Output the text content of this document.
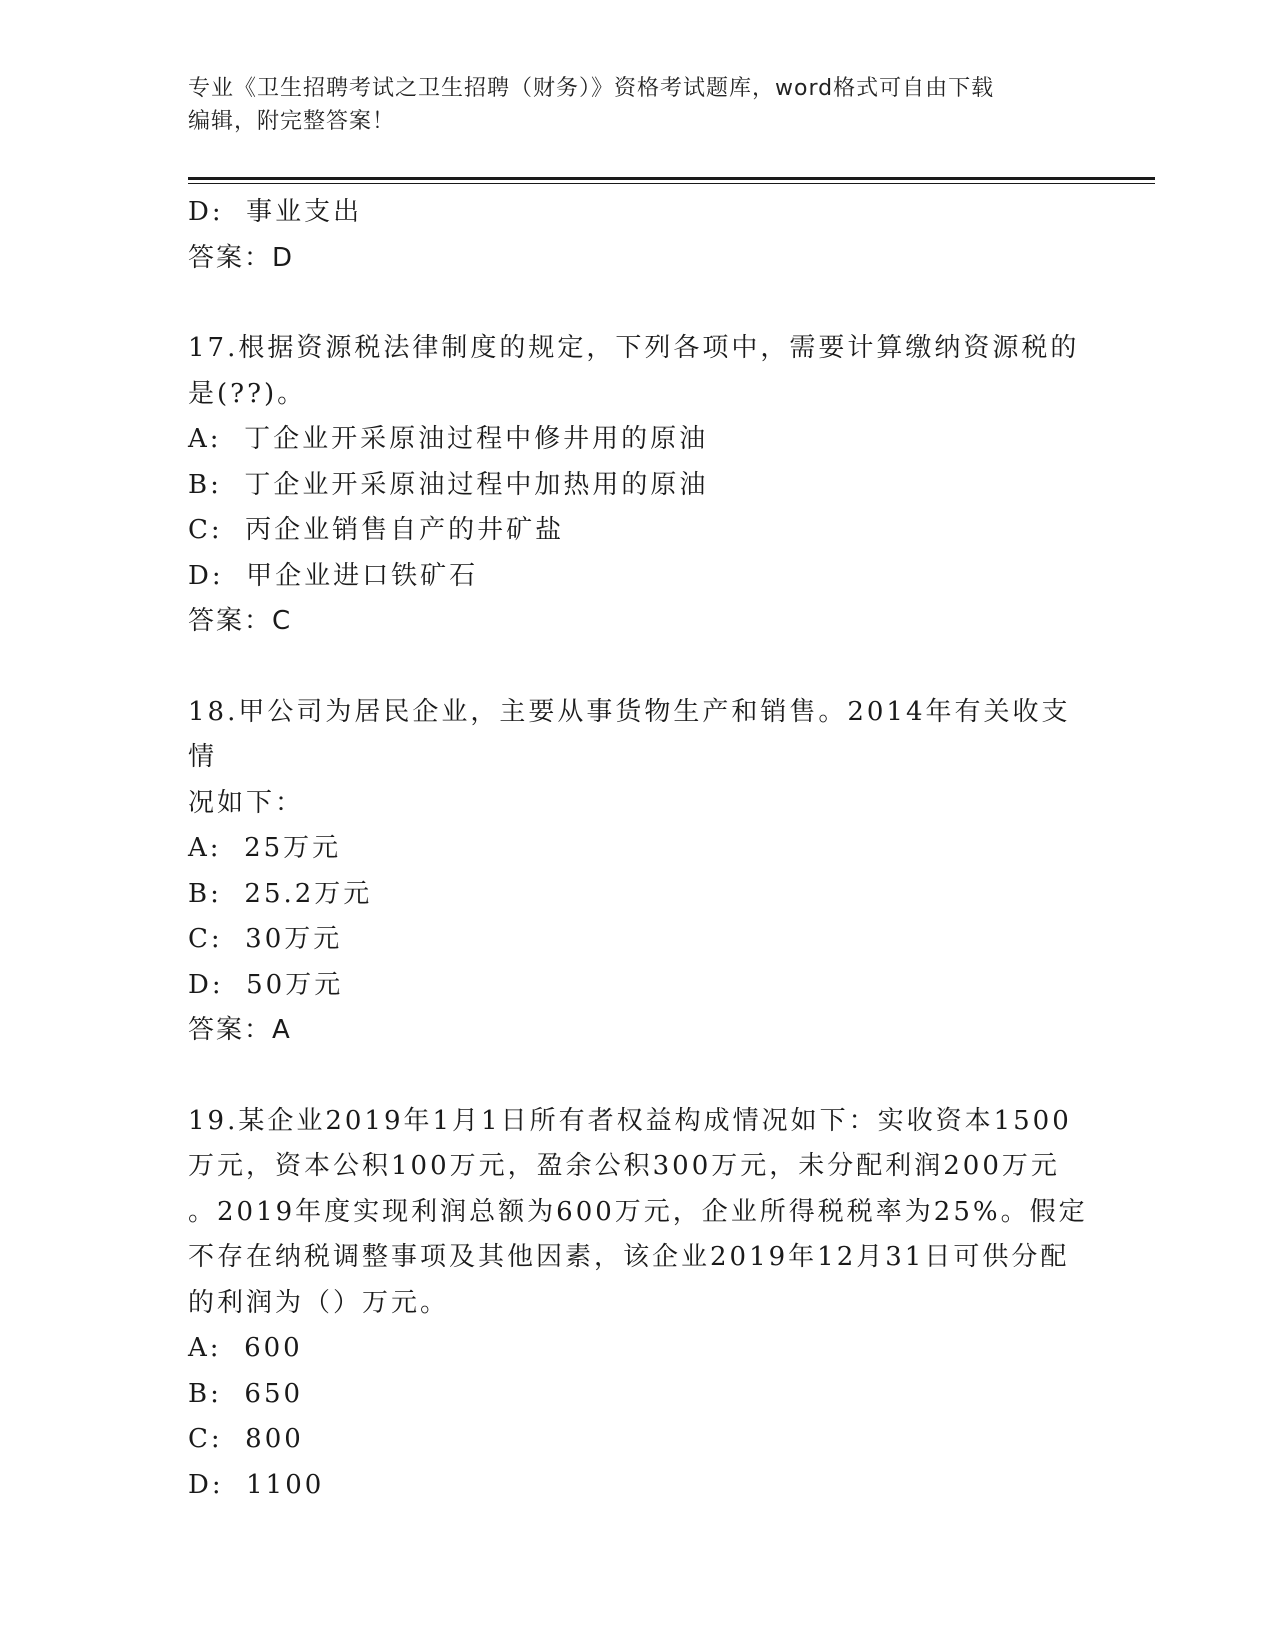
专业《卫生招聘考试之卫生招聘（财务）》资格考试题库，word格式可自由下载
编辑，附完整答案！
D:  事业支出
答案：D
17.根据资源税法律制度的规定，下列各项中，需要计算缴纳资源税的
是(??)。
A:  丁企业开采原油过程中修井用的原油
B:  丁企业开采原油过程中加热用的原油
C:  丙企业销售自产的井矿盐
D:  甲企业进口铁矿石
答案：C
18.甲公司为居民企业，主要从事货物生产和销售。2014年有关收支情
况如下：
A:  25万元
B:  25.2万元
C:  30万元
D:  50万元
答案：A
19.某企业2019年1月1日所有者权益构成情况如下：实收资本1500
万元，资本公积100万元，盈余公积300万元，未分配利润200万元
。2019年度实现利润总额为600万元，企业所得税税率为25%。假定
不存在纳税调整事项及其他因素，该企业2019年12月31日可供分配
的利润为（）万元。
A:  600
B:  650
C:  800
D:  1100
